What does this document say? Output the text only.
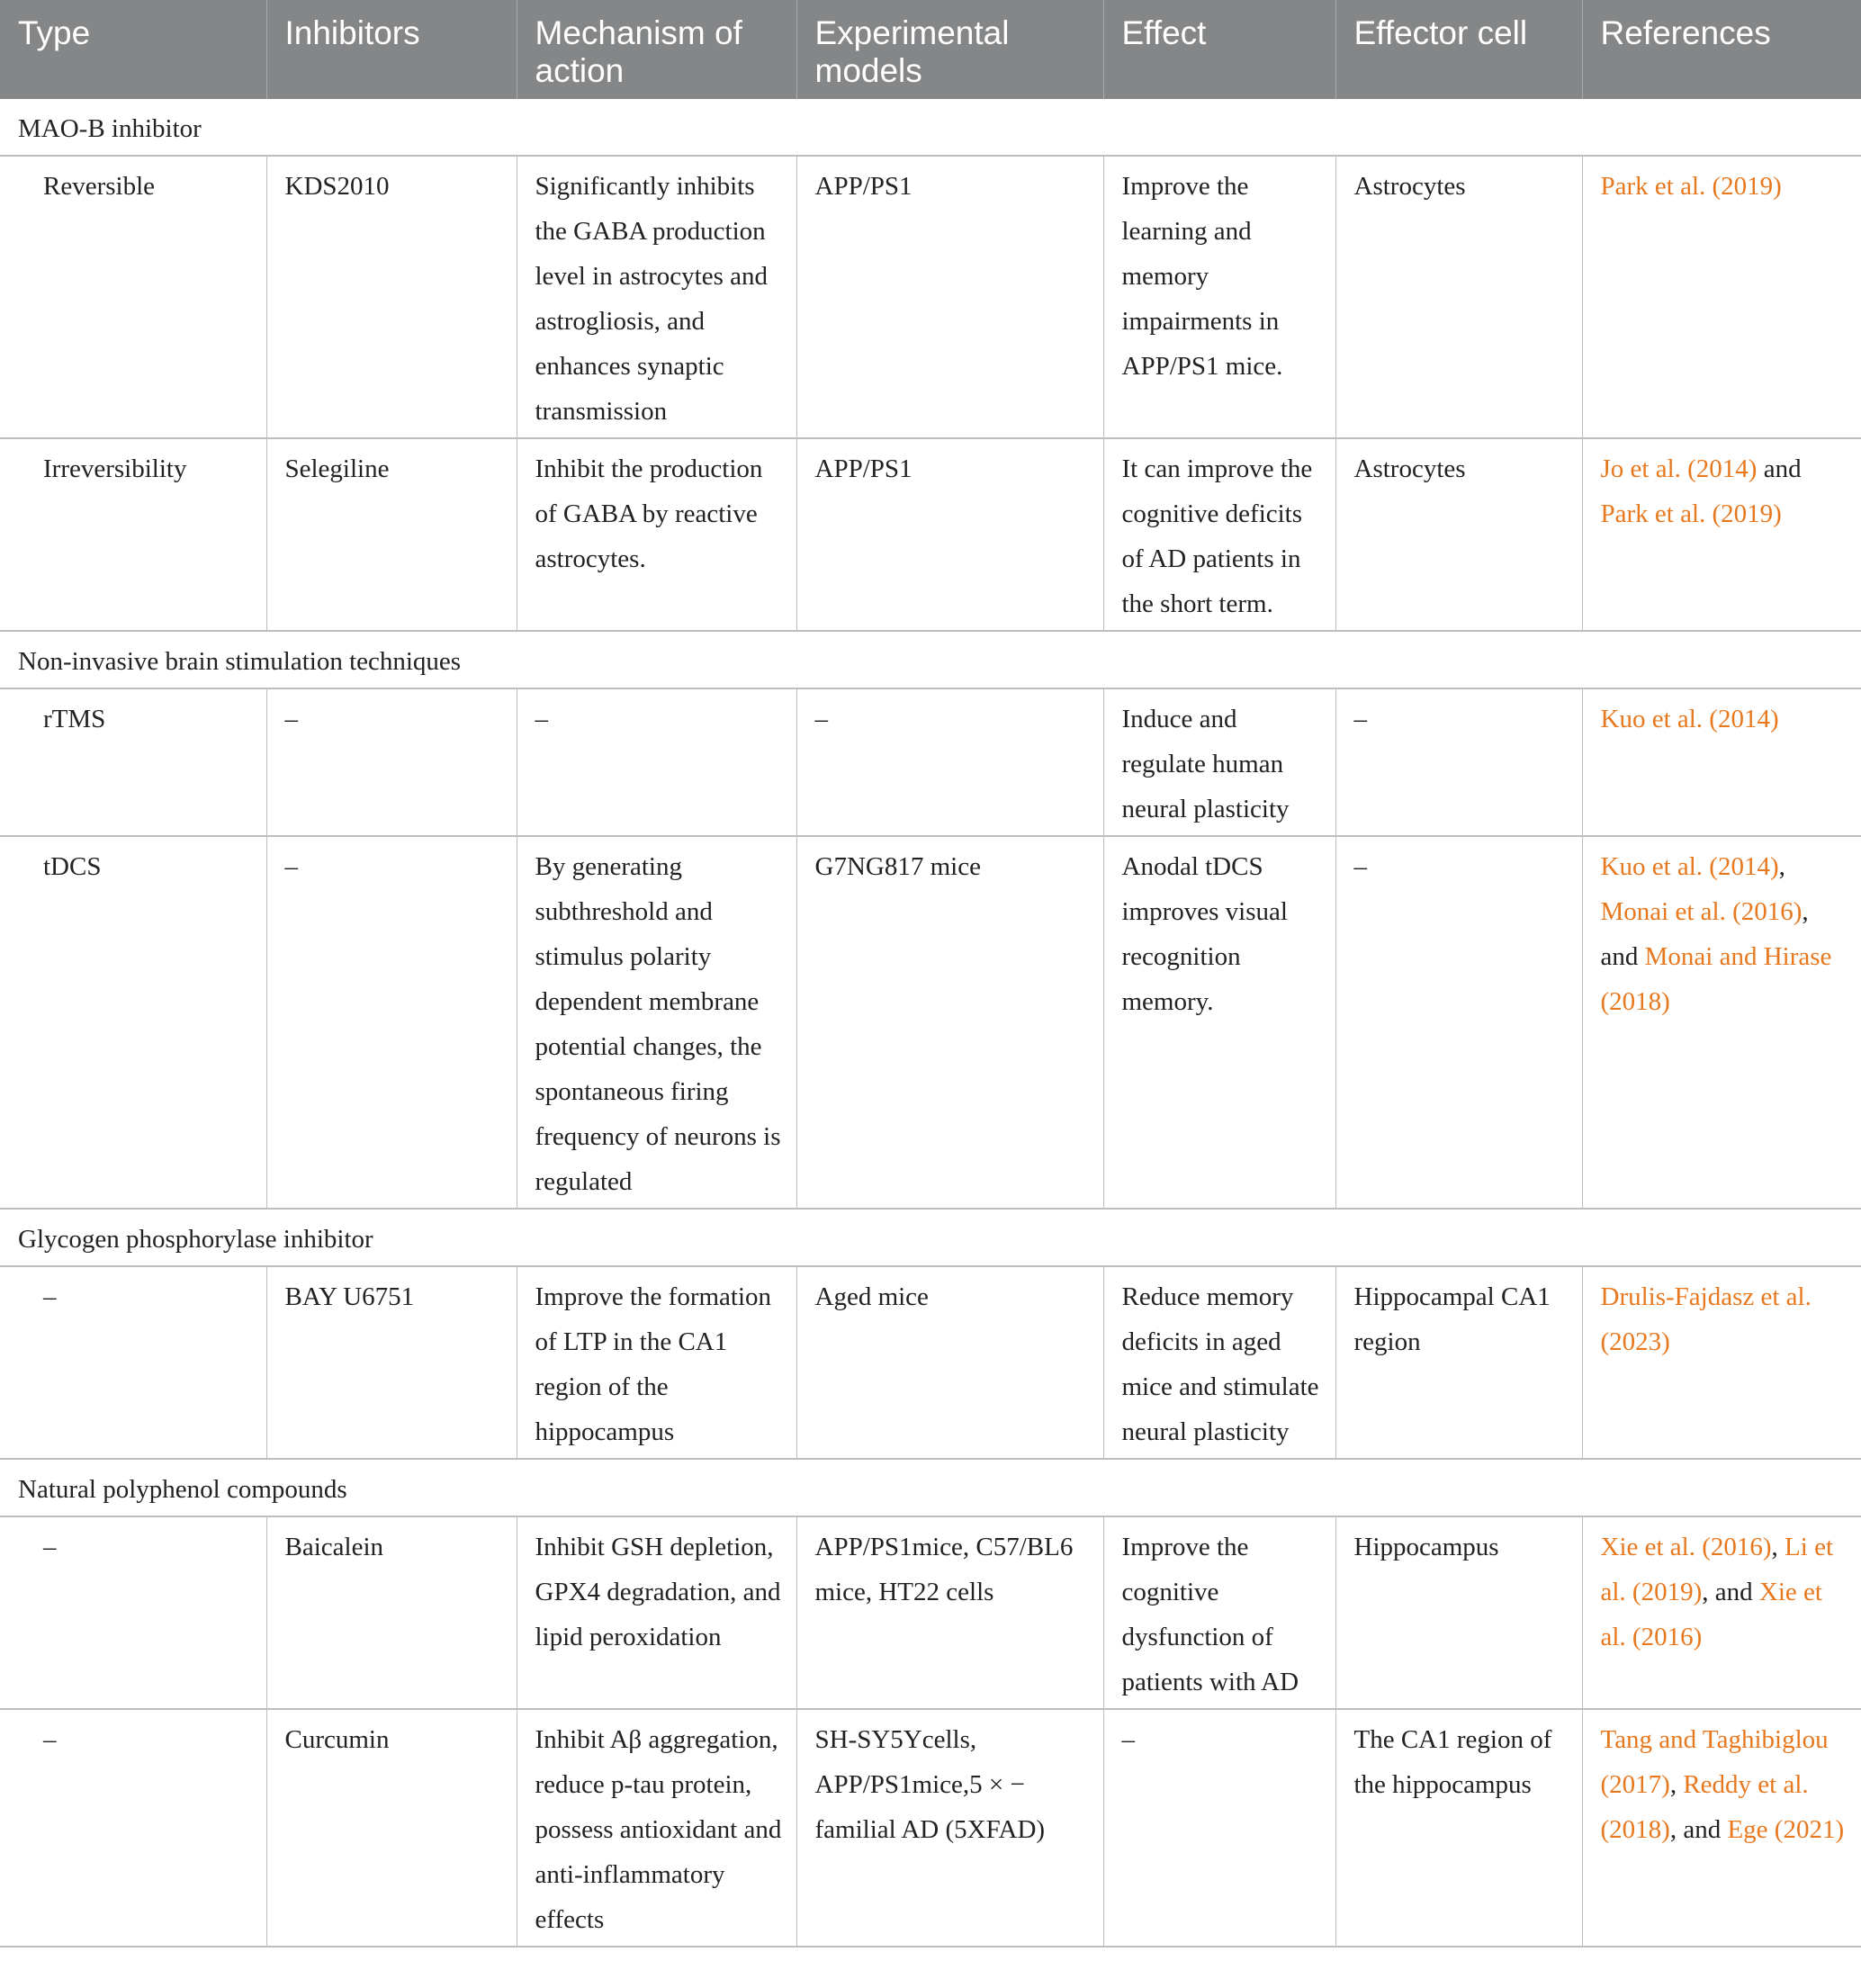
Type	Inhibitors	Mechanism of action	Experimental models	Effect	Effector cell	References
MAO-B inhibitor						
Reversible	KDS2010	Significantly inhibits the GABA production level in astrocytes and astrogliosis, and enhances synaptic transmission	APP/PS1	Improve the learning and memory impairments in APP/PS1 mice.	Astrocytes	Park et al. (2019)
Irreversibility	Selegiline	Inhibit the production of GABA by reactive astrocytes.	APP/PS1	It can improve the cognitive deficits of AD patients in the short term.	Astrocytes	Jo et al. (2014) and Park et al. (2019)
Non-invasive brain stimulation techniques						
rTMS	–	–	–	Induce and regulate human neural plasticity	–	Kuo et al. (2014)
tDCS	–	By generating subthreshold and stimulus polarity dependent membrane potential changes, the spontaneous firing frequency of neurons is regulated	G7NG817 mice	Anodal tDCS improves visual recognition memory.	–	Kuo et al. (2014), Monai et al. (2016), and Monai and Hirase (2018)
Glycogen phosphorylase inhibitor						
–	BAY U6751	Improve the formation of LTP in the CA1 region of the hippocampus	Aged mice	Reduce memory deficits in aged mice and stimulate neural plasticity	Hippocampal CA1 region	Drulis-Fajdasz et al. (2023)
Natural polyphenol compounds						
–	Baicalein	Inhibit GSH depletion, GPX4 degradation, and lipid peroxidation	APP/PS1mice, C57/BL6 mice, HT22 cells	Improve the cognitive dysfunction of patients with AD	Hippocampus	Xie et al. (2016), Li et al. (2019), and Xie et al. (2016)
–	Curcumin	Inhibit Aβ aggregation, reduce p-tau protein, possess antioxidant and anti-inflammatory effects	SH-SY5Ycells, APP/PS1mice,5 × − familial AD (5XFAD)	–	The CA1 region of the hippocampus	Tang and Taghibiglou (2017), Reddy et al. (2018), and Ege (2021)
